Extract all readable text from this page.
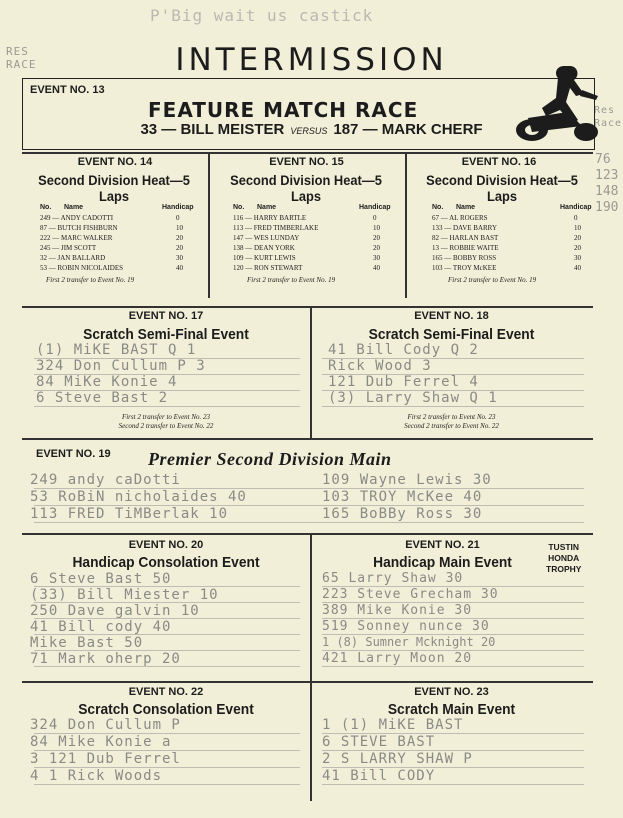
P'Big wait us castick
RES
RACE
Res
Race
76
123
148
190
INTERMISSION
EVENT NO. 13
FEATURE MATCH RACE
33 — BILL MEISTER VERSUS 187 — MARK CHERF
EVENT NO. 14
Second Division Heat—5 Laps
No. Name	Handicap
249 — ANDY CADOTTI	0
87 — BUTCH FISHBURN	10
222 — MARC WALKER	20
245 — JIM SCOTT	20
32 — JAN BALLARD	30
53 — ROBIN NICOLAIDES	40
First 2 transfer to Event No. 19
EVENT NO. 15
Second Division Heat—5 Laps
No. Name	Handicap
116 — HARRY BARTLE	0
113 — FRED TIMBERLAKE	10
147 — WES LUNDAY	20
138 — DEAN YORK	20
109 — KURT LEWIS	30
120 — RON STEWART	40
First 2 transfer to Event No. 19
EVENT NO. 16
Second Division Heat—5 Laps
No. Name	Handicap
67 — AL ROGERS	0
133 — DAVE BARRY	10
82 — HARLAN BAST	20
13 — ROBBIE WAITE	20
165 — BOBBY ROSS	30
103 — TROY McKEE	40
First 2 transfer to Event No. 19
EVENT NO. 17
Scratch Semi-Final Event
(1) MiKE BAST Q 1
324 Don Cullum P 3
84 MiKe Konie 4
6 Steve Bast 2
First 2 transfer to Event No. 23
Second 2 transfer to Event No. 22
EVENT NO. 18
Scratch Semi-Final Event
41 Bill Cody Q 2
Rick Wood 3
121 Dub Ferrel 4
(3) Larry Shaw Q 1
First 2 transfer to Event No. 23
Second 2 transfer to Event No. 22
EVENT NO. 19 Premier Second Division Main
249 andy caDotti
53 RoBiN nicholaides 40
113 FRED TiMBerlak 10
109 Wayne Lewis 30
103 TROY McKee 40
165 BoBBy Ross 30
EVENT NO. 20
Handicap Consolation Event
6 Steve Bast 50
(33) Bill Miester 10
250 Dave galvin 10
41 Bill cody 40
Mike Bast 50
71 Mark oherp 20
EVENT NO. 21
Handicap Main Event
TUSTIN
HONDA
TROPHY
65 Larry Shaw 30
223 Steve Grecham 30
389 Mike Konie 30
519 Sonney nunce 30
1 (8) Sumner Mcknight 20
421 Larry Moon 20
EVENT NO. 22
Scratch Consolation Event
324 Don Cullum P
84 Mike Konie a
3 121 Dub Ferrel
4 1 Rick Woods
EVENT NO. 23
Scratch Main Event
1 (1) MiKE BAST
6 STEVE BAST
2 S LARRY SHAW P
41 Bill CODY
